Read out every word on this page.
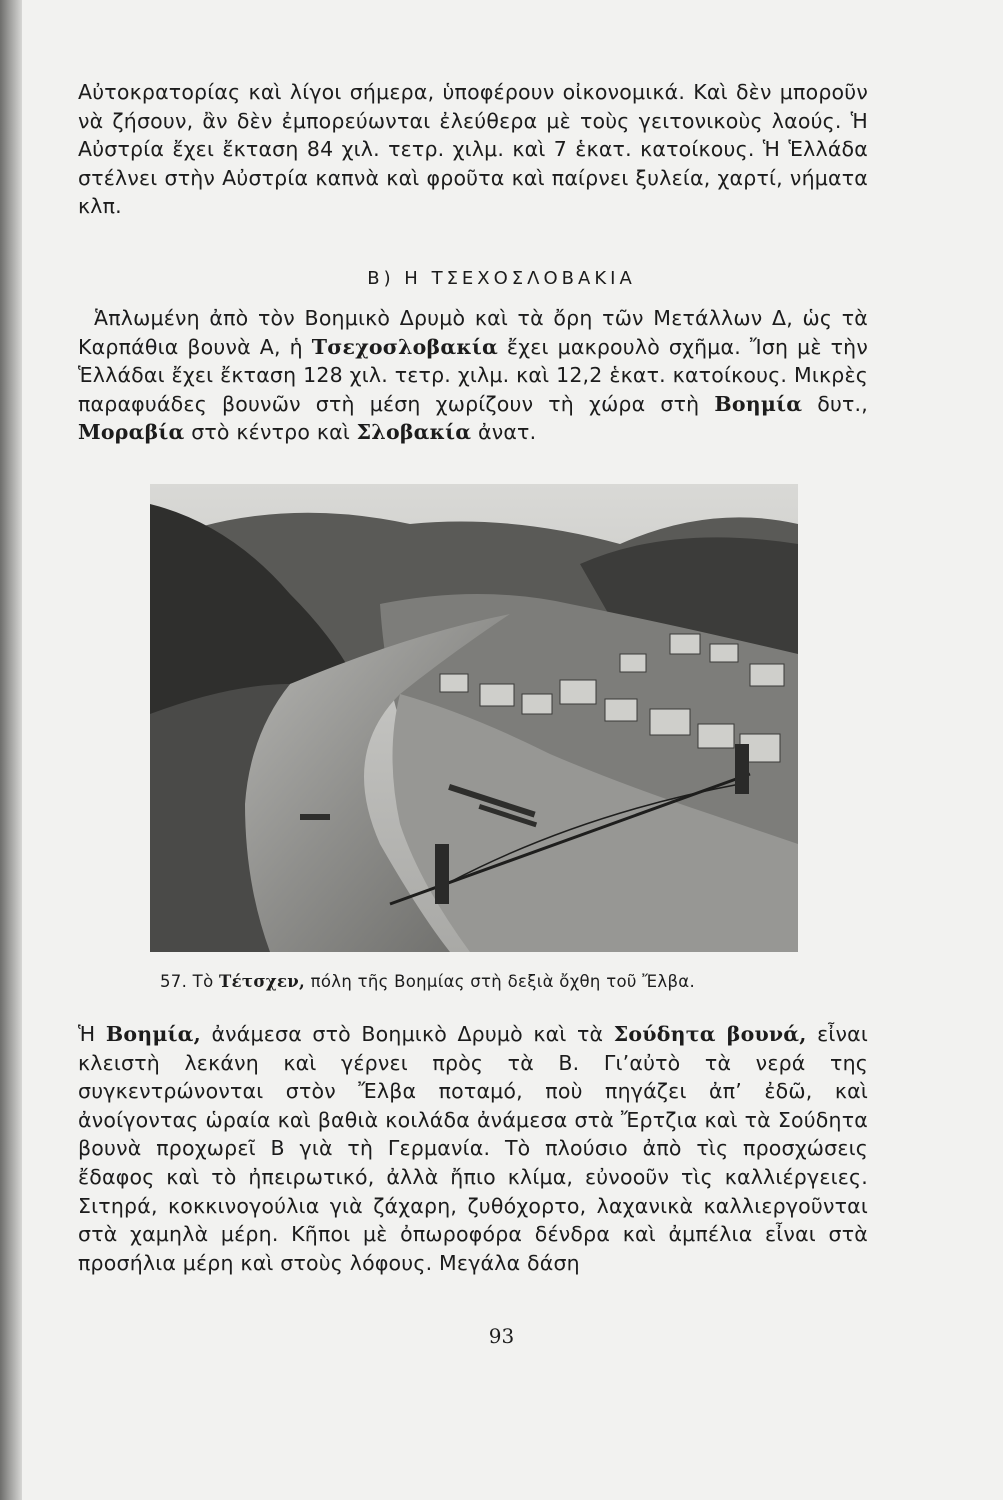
Αὐτοκρατορίας καὶ λίγοι σήμερα, ὑποφέρουν οἰκονομικά. Καὶ δὲν μποροῦν νὰ ζήσουν, ἂν δὲν ἐμπορεύωνται ἐλεύθερα μὲ τοὺς γειτονικοὺς λαούς. Ἡ Αὐστρία ἔχει ἔκταση 84 χιλ. τετρ. χιλμ. καὶ 7 ἑκατ. κατοίκους. Ἡ Ἑλλάδα στέλνει στὴν Αὐστρία καπνὰ καὶ φροῦτα καὶ παίρνει ξυλεία, χαρτί, νήματα κλπ.

Β) Η ΤΣΕΧΟΣΛΟΒΑΚΙΑ

Ἁπλωμένη ἀπὸ τὸν Βοημικὸ Δρυμὸ καὶ τὰ ὄρη τῶν Μετάλλων Δ, ὡς τὰ Καρπάθια βουνὰ Α, ἡ Τσεχοσλοβακία ἔχει μακρουλὸ σχῆμα. Ἴση μὲ τὴν Ἑλλάδαι ἔχει ἔκταση 128 χιλ. τετρ. χιλμ. καὶ 12,2 ἑκατ. κατοίκους. Μικρὲς παραφυάδες βουνῶν στὴ μέση χωρίζουν τὴ χώρα στὴ Βοημία δυτ., Μοραβία στὸ κέντρο καὶ Σλοβακία ἀνατ.

57. Τὸ Τέτσχεν, πόλη τῆς Βοημίας στὴ δεξιὰ ὄχθη τοῦ Ἔλβα.

Ἡ Βοημία, ἀνάμεσα στὸ Βοημικὸ Δρυμὸ καὶ τὰ Σούδητα βουνά, εἶναι κλειστὴ λεκάνη καὶ γέρνει πρὸς τὰ Β. Γι’αὐτὸ τὰ νερά της συγκεντρώνονται στὸν Ἔλβα ποταμό, ποὺ πηγάζει ἀπ’ ἐδῶ, καὶ ἀνοίγοντας ὡραία καὶ βαθιὰ κοιλάδα ἀνάμεσα στὰ Ἔρτζια καὶ τὰ Σούδητα βουνὰ προχωρεῖ Β γιὰ τὴ Γερμανία. Τὸ πλούσιο ἀπὸ τὶς προσχώσεις ἔδαφος καὶ τὸ ἠπειρωτικό, ἀλλὰ ἤπιο κλίμα, εὐνοοῦν τὶς καλλιέργειες. Σιτηρά, κοκκινογούλια γιὰ ζάχαρη, ζυθόχορτο, λαχανικὰ καλλιεργοῦνται στὰ χαμηλὰ μέρη. Κῆποι μὲ ὀπωροφόρα δένδρα καὶ ἀμπέλια εἶναι στὰ προσήλια μέρη καὶ στοὺς λόφους. Μεγάλα δάση

93
